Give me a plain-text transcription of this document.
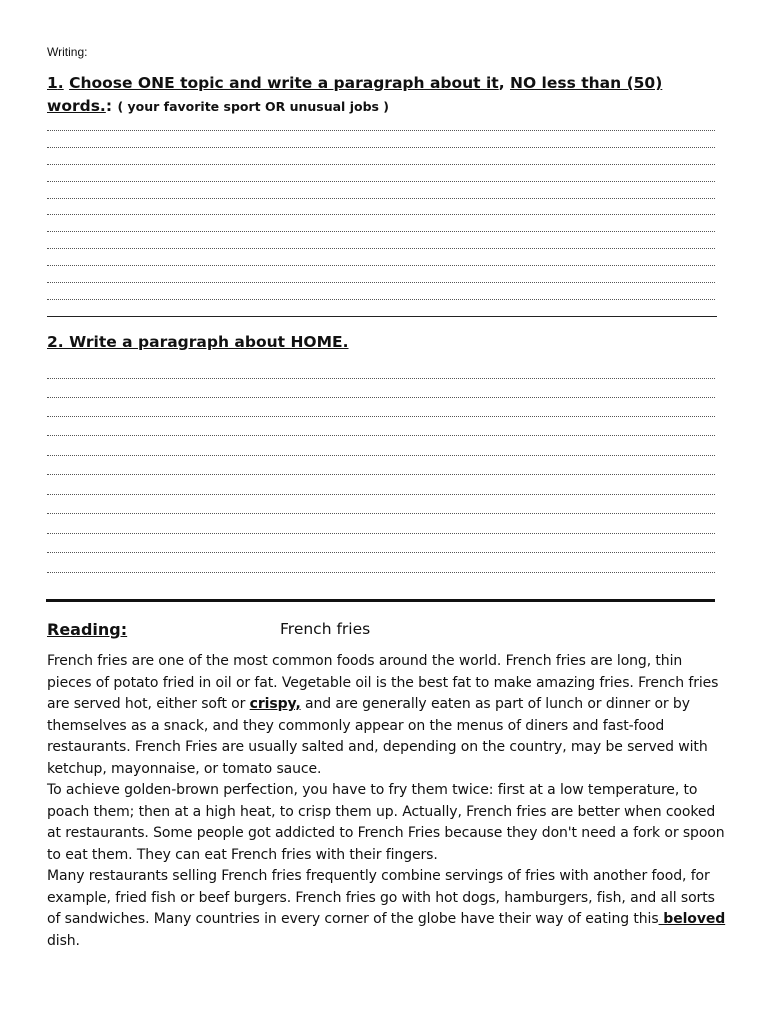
Writing:
1. Choose ONE topic and write a paragraph about it, NO less than (50)
words.: ( your favorite sport OR unusual jobs )
2. Write a paragraph about HOME.
Reading:	French fries

French fries are one of the most common foods around the world. French fries are long, thin pieces of potato fried in oil or fat. Vegetable oil is the best fat to make amazing fries. French fries are served hot, either soft or crispy, and are generally eaten as part of lunch or dinner or by themselves as a snack, and they commonly appear on the menus of diners and fast-food restaurants. French Fries are usually salted and, depending on the country, may be served with ketchup, mayonnaise, or tomato sauce.

To achieve golden-brown perfection, you have to fry them twice: first at a low temperature, to poach them; then at a high heat, to crisp them up. Actually, French fries are better when cooked at restaurants. Some people got addicted to French Fries because they don't need a fork or spoon to eat them. They can eat French fries with their fingers.

Many restaurants selling French fries frequently combine servings of fries with another food, for example, fried fish or beef burgers. French fries go with hot dogs, hamburgers, fish, and all sorts of sandwiches. Many countries in every corner of the globe have their way of eating this beloved dish.
